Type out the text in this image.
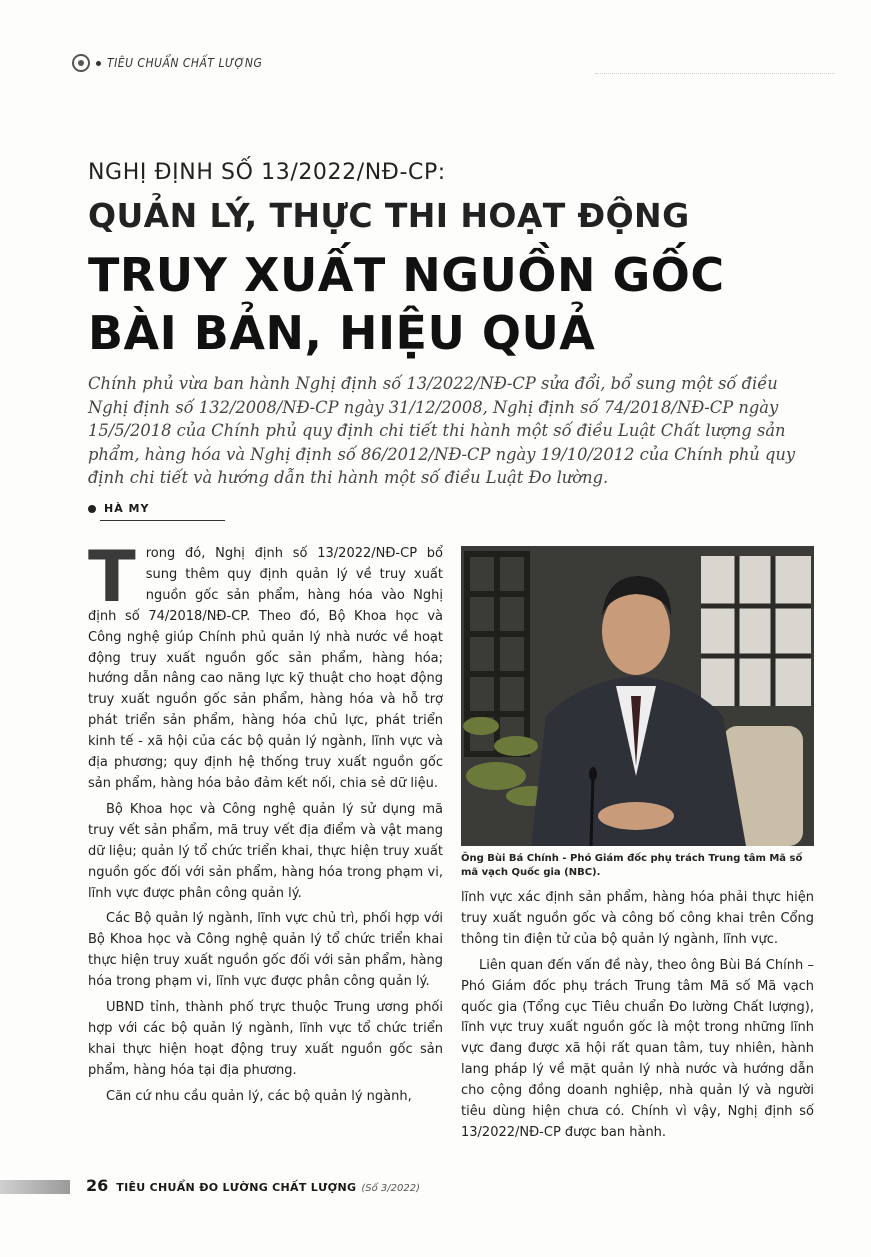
TIÊU CHUẨN CHẤT LƯỢNG
NGHỊ ĐỊNH SỐ 13/2022/NĐ-CP:
QUẢN LÝ, THỰC THI HOẠT ĐỘNG
TRUY XUẤT NGUỒN GỐC
BÀI BẢN, HIỆU QUẢ
Chính phủ vừa ban hành Nghị định số 13/2022/NĐ-CP sửa đổi, bổ sung một số điều Nghị định số 132/2008/NĐ-CP ngày 31/12/2008, Nghị định số 74/2018/NĐ-CP ngày 15/5/2018 của Chính phủ quy định chi tiết thi hành một số điều Luật Chất lượng sản phẩm, hàng hóa và Nghị định số 86/2012/NĐ-CP ngày 19/10/2012 của Chính phủ quy định chi tiết và hướng dẫn thi hành một số điều Luật Đo lường.
HÀ MY

Trong đó, Nghị định số 13/2022/NĐ-CP bổ sung thêm quy định quản lý về truy xuất nguồn gốc sản phẩm, hàng hóa vào Nghị định số 74/2018/NĐ-CP. Theo đó, Bộ Khoa học và Công nghệ giúp Chính phủ quản lý nhà nước về hoạt động truy xuất nguồn gốc sản phẩm, hàng hóa; hướng dẫn nâng cao năng lực kỹ thuật cho hoạt động truy xuất nguồn gốc sản phẩm, hàng hóa và hỗ trợ phát triển sản phẩm, hàng hóa chủ lực, phát triển kinh tế - xã hội của các bộ quản lý ngành, lĩnh vực và địa phương; quy định hệ thống truy xuất nguồn gốc sản phẩm, hàng hóa bảo đảm kết nối, chia sẻ dữ liệu.

Bộ Khoa học và Công nghệ quản lý sử dụng mã truy vết sản phẩm, mã truy vết địa điểm và vật mang dữ liệu; quản lý tổ chức triển khai, thực hiện truy xuất nguồn gốc đối với sản phẩm, hàng hóa trong phạm vi, lĩnh vực được phân công quản lý.

Các Bộ quản lý ngành, lĩnh vực chủ trì, phối hợp với Bộ Khoa học và Công nghệ quản lý tổ chức triển khai thực hiện truy xuất nguồn gốc đối với sản phẩm, hàng hóa trong phạm vi, lĩnh vực được phân công quản lý.

UBND tỉnh, thành phố trực thuộc Trung ương phối hợp với các bộ quản lý ngành, lĩnh vực tổ chức triển khai thực hiện hoạt động truy xuất nguồn gốc sản phẩm, hàng hóa tại địa phương.

Căn cứ nhu cầu quản lý, các bộ quản lý ngành,

Ông Bùi Bá Chính - Phó Giám đốc phụ trách Trung tâm Mã số mã vạch Quốc gia (NBC).

lĩnh vực xác định sản phẩm, hàng hóa phải thực hiện truy xuất nguồn gốc và công bố công khai trên Cổng thông tin điện tử của bộ quản lý ngành, lĩnh vực.

Liên quan đến vấn đề này, theo ông Bùi Bá Chính – Phó Giám đốc phụ trách Trung tâm Mã số Mã vạch quốc gia (Tổng cục Tiêu chuẩn Đo lường Chất lượng), lĩnh vực truy xuất nguồn gốc là một trong những lĩnh vực đang được xã hội rất quan tâm, tuy nhiên, hành lang pháp lý về mặt quản lý nhà nước và hướng dẫn cho cộng đồng doanh nghiệp, nhà quản lý và người tiêu dùng hiện chưa có. Chính vì vậy, Nghị định số 13/2022/NĐ-CP được ban hành.

26 TIÊU CHUẨN ĐO LƯỜNG CHẤT LƯỢNG (Số 3/2022)
